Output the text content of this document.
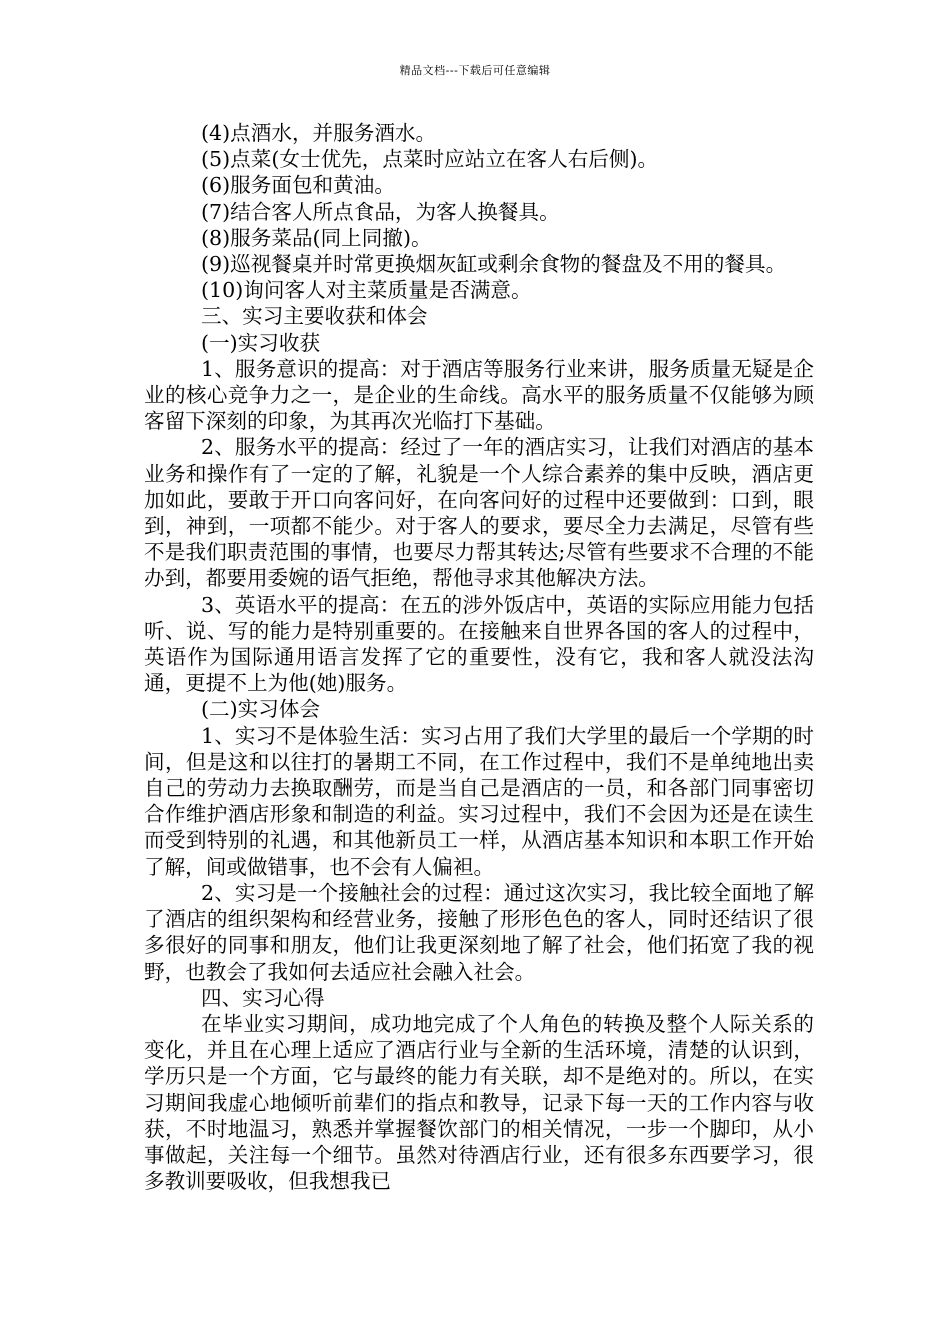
精品文档---下载后可任意编辑

(4)点酒水，并服务酒水。

(5)点菜(女士优先，点菜时应站立在客人右后侧)。

(6)服务面包和黄油。

(7)结合客人所点食品，为客人换餐具。

(8)服务菜品(同上同撤)。

(9)巡视餐桌并时常更换烟灰缸或剩余食物的餐盘及不用的餐具。

(10)询问客人对主菜质量是否满意。

三、实习主要收获和体会

(一)实习收获

1、服务意识的提高：对于酒店等服务行业来讲，服务质量无疑是企业的核心竞争力之一，是企业的生命线。高水平的服务质量不仅能够为顾客留下深刻的印象，为其再次光临打下基础。

2、服务水平的提高：经过了一年的酒店实习，让我们对酒店的基本业务和操作有了一定的了解，礼貌是一个人综合素养的集中反映，酒店更加如此，要敢于开口向客问好，在向客问好的过程中还要做到：口到，眼到，神到，一项都不能少。对于客人的要求，要尽全力去满足，尽管有些不是我们职责范围的事情，也要尽力帮其转达;尽管有些要求不合理的不能办到，都要用委婉的语气拒绝，帮他寻求其他解决方法。

3、英语水平的提高：在五的涉外饭店中，英语的实际应用能力包括听、说、写的能力是特别重要的。在接触来自世界各国的客人的过程中，英语作为国际通用语言发挥了它的重要性，没有它，我和客人就没法沟通，更提不上为他(她)服务。

(二)实习体会

1、实习不是体验生活：实习占用了我们大学里的最后一个学期的时间，但是这和以往打的暑期工不同，在工作过程中，我们不是单纯地出卖自己的劳动力去换取酬劳，而是当自己是酒店的一员，和各部门同事密切合作维护酒店形象和制造的利益。实习过程中，我们不会因为还是在读生而受到特别的礼遇，和其他新员工一样，从酒店基本知识和本职工作开始了解，间或做错事，也不会有人偏袒。

2、实习是一个接触社会的过程：通过这次实习，我比较全面地了解了酒店的组织架构和经营业务，接触了形形色色的客人，同时还结识了很多很好的同事和朋友，他们让我更深刻地了解了社会，他们拓宽了我的视野，也教会了我如何去适应社会融入社会。

四、实习心得

在毕业实习期间，成功地完成了个人角色的转换及整个人际关系的变化，并且在心理上适应了酒店行业与全新的生活环境，清楚的认识到，学历只是一个方面，它与最终的能力有关联，却不是绝对的。所以，在实习期间我虚心地倾听前辈们的指点和教导，记录下每一天的工作内容与收获，不时地温习，熟悉并掌握餐饮部门的相关情况，一步一个脚印，从小事做起，关注每一个细节。虽然对待酒店行业，还有很多东西要学习，很多教训要吸收，但我想我已
